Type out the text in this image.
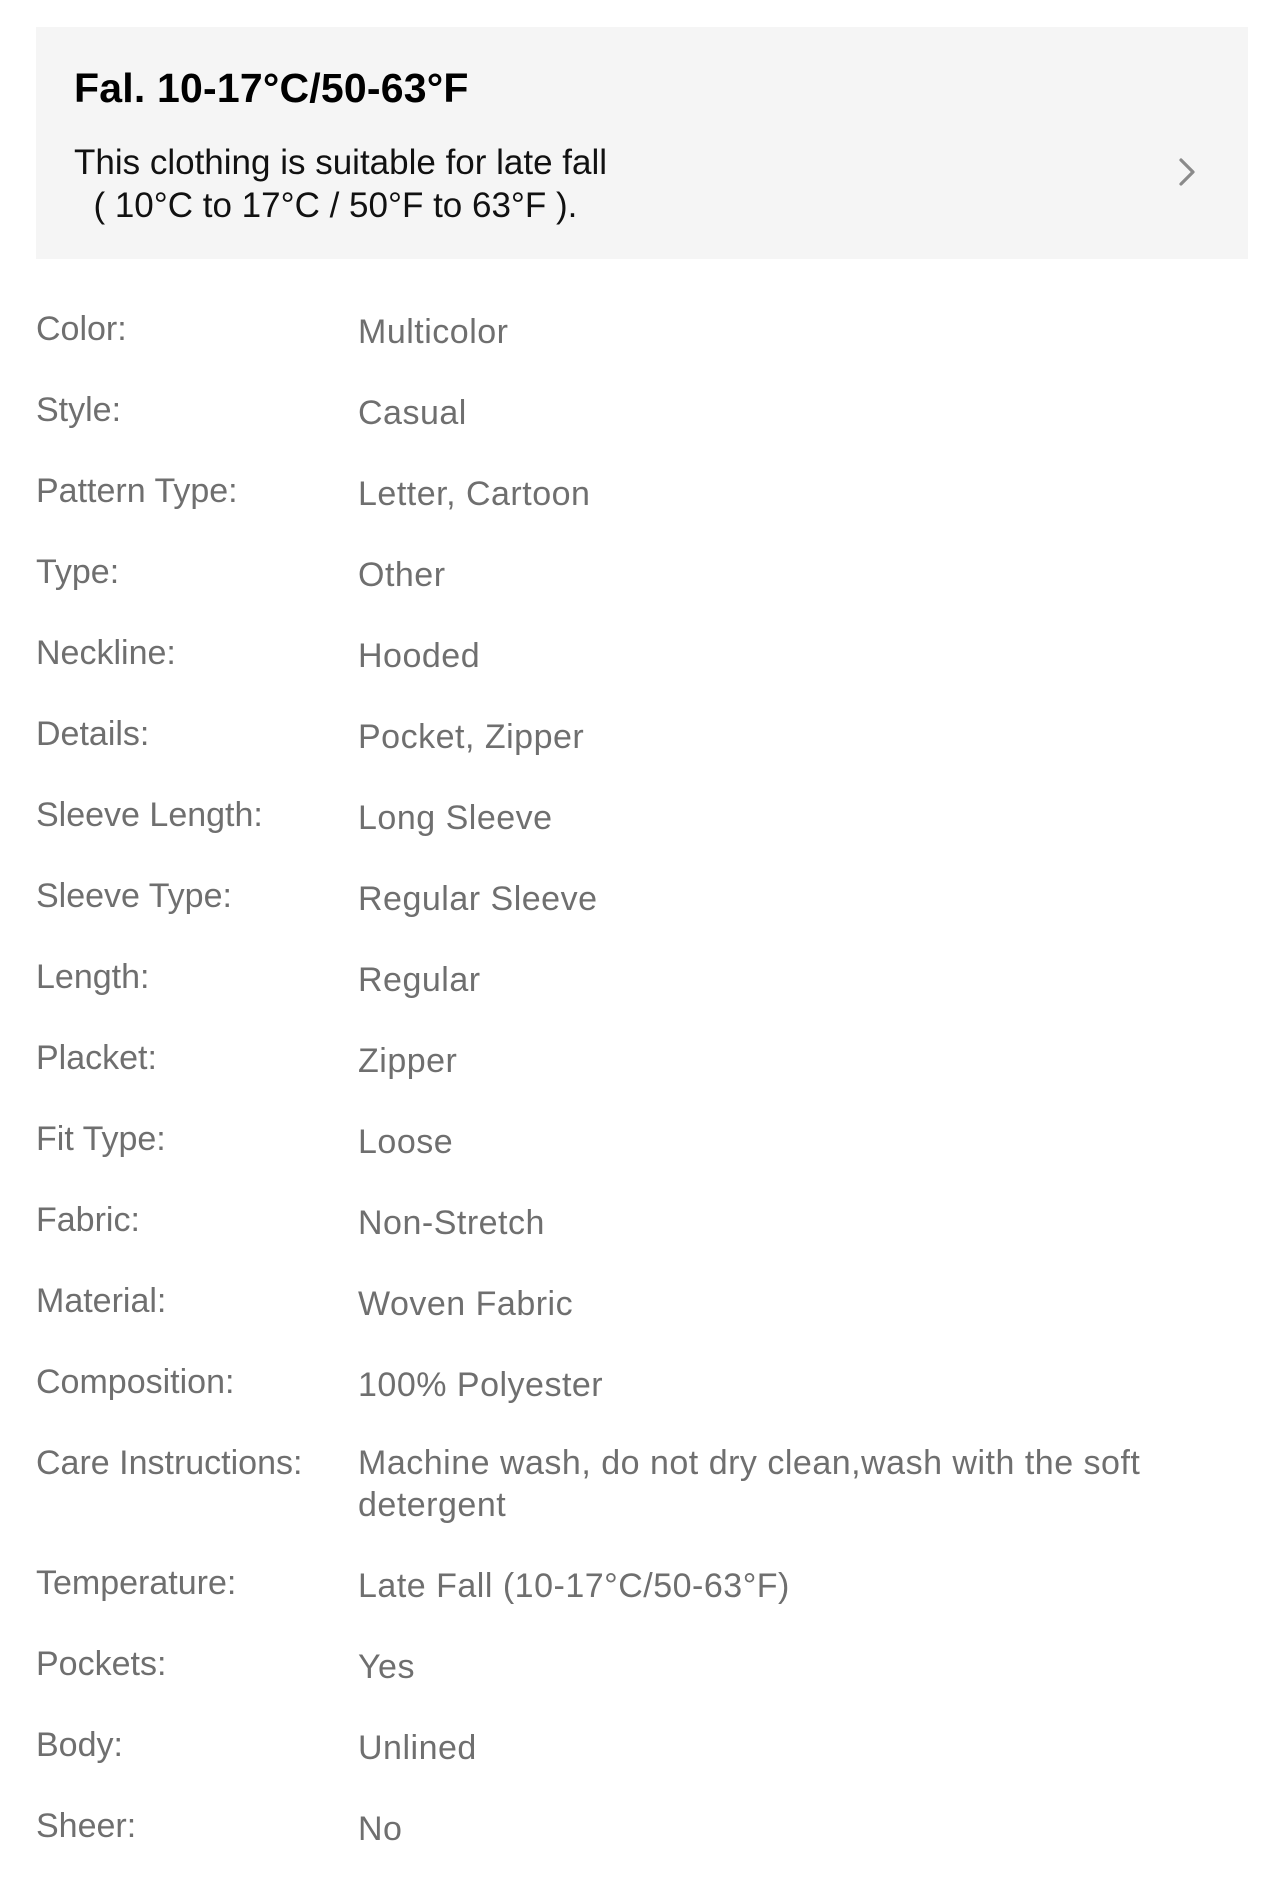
Fal. 10-17°C/50-63°F

This clothing is suitable for late fall
( 10°C to 17°C / 50°F to 63°F ).

Color:	Multicolor
Style:	Casual
Pattern Type:	Letter, Cartoon
Type:	Other
Neckline:	Hooded
Details:	Pocket, Zipper
Sleeve Length:	Long Sleeve
Sleeve Type:	Regular Sleeve
Length:	Regular
Placket:	Zipper
Fit Type:	Loose
Fabric:	Non-Stretch
Material:	Woven Fabric
Composition:	100% Polyester
Care Instructions:	Machine wash, do not dry clean,wash with the soft detergent
Temperature:	Late Fall (10-17°C/50-63°F)
Pockets:	Yes
Body:	Unlined
Sheer:	No
